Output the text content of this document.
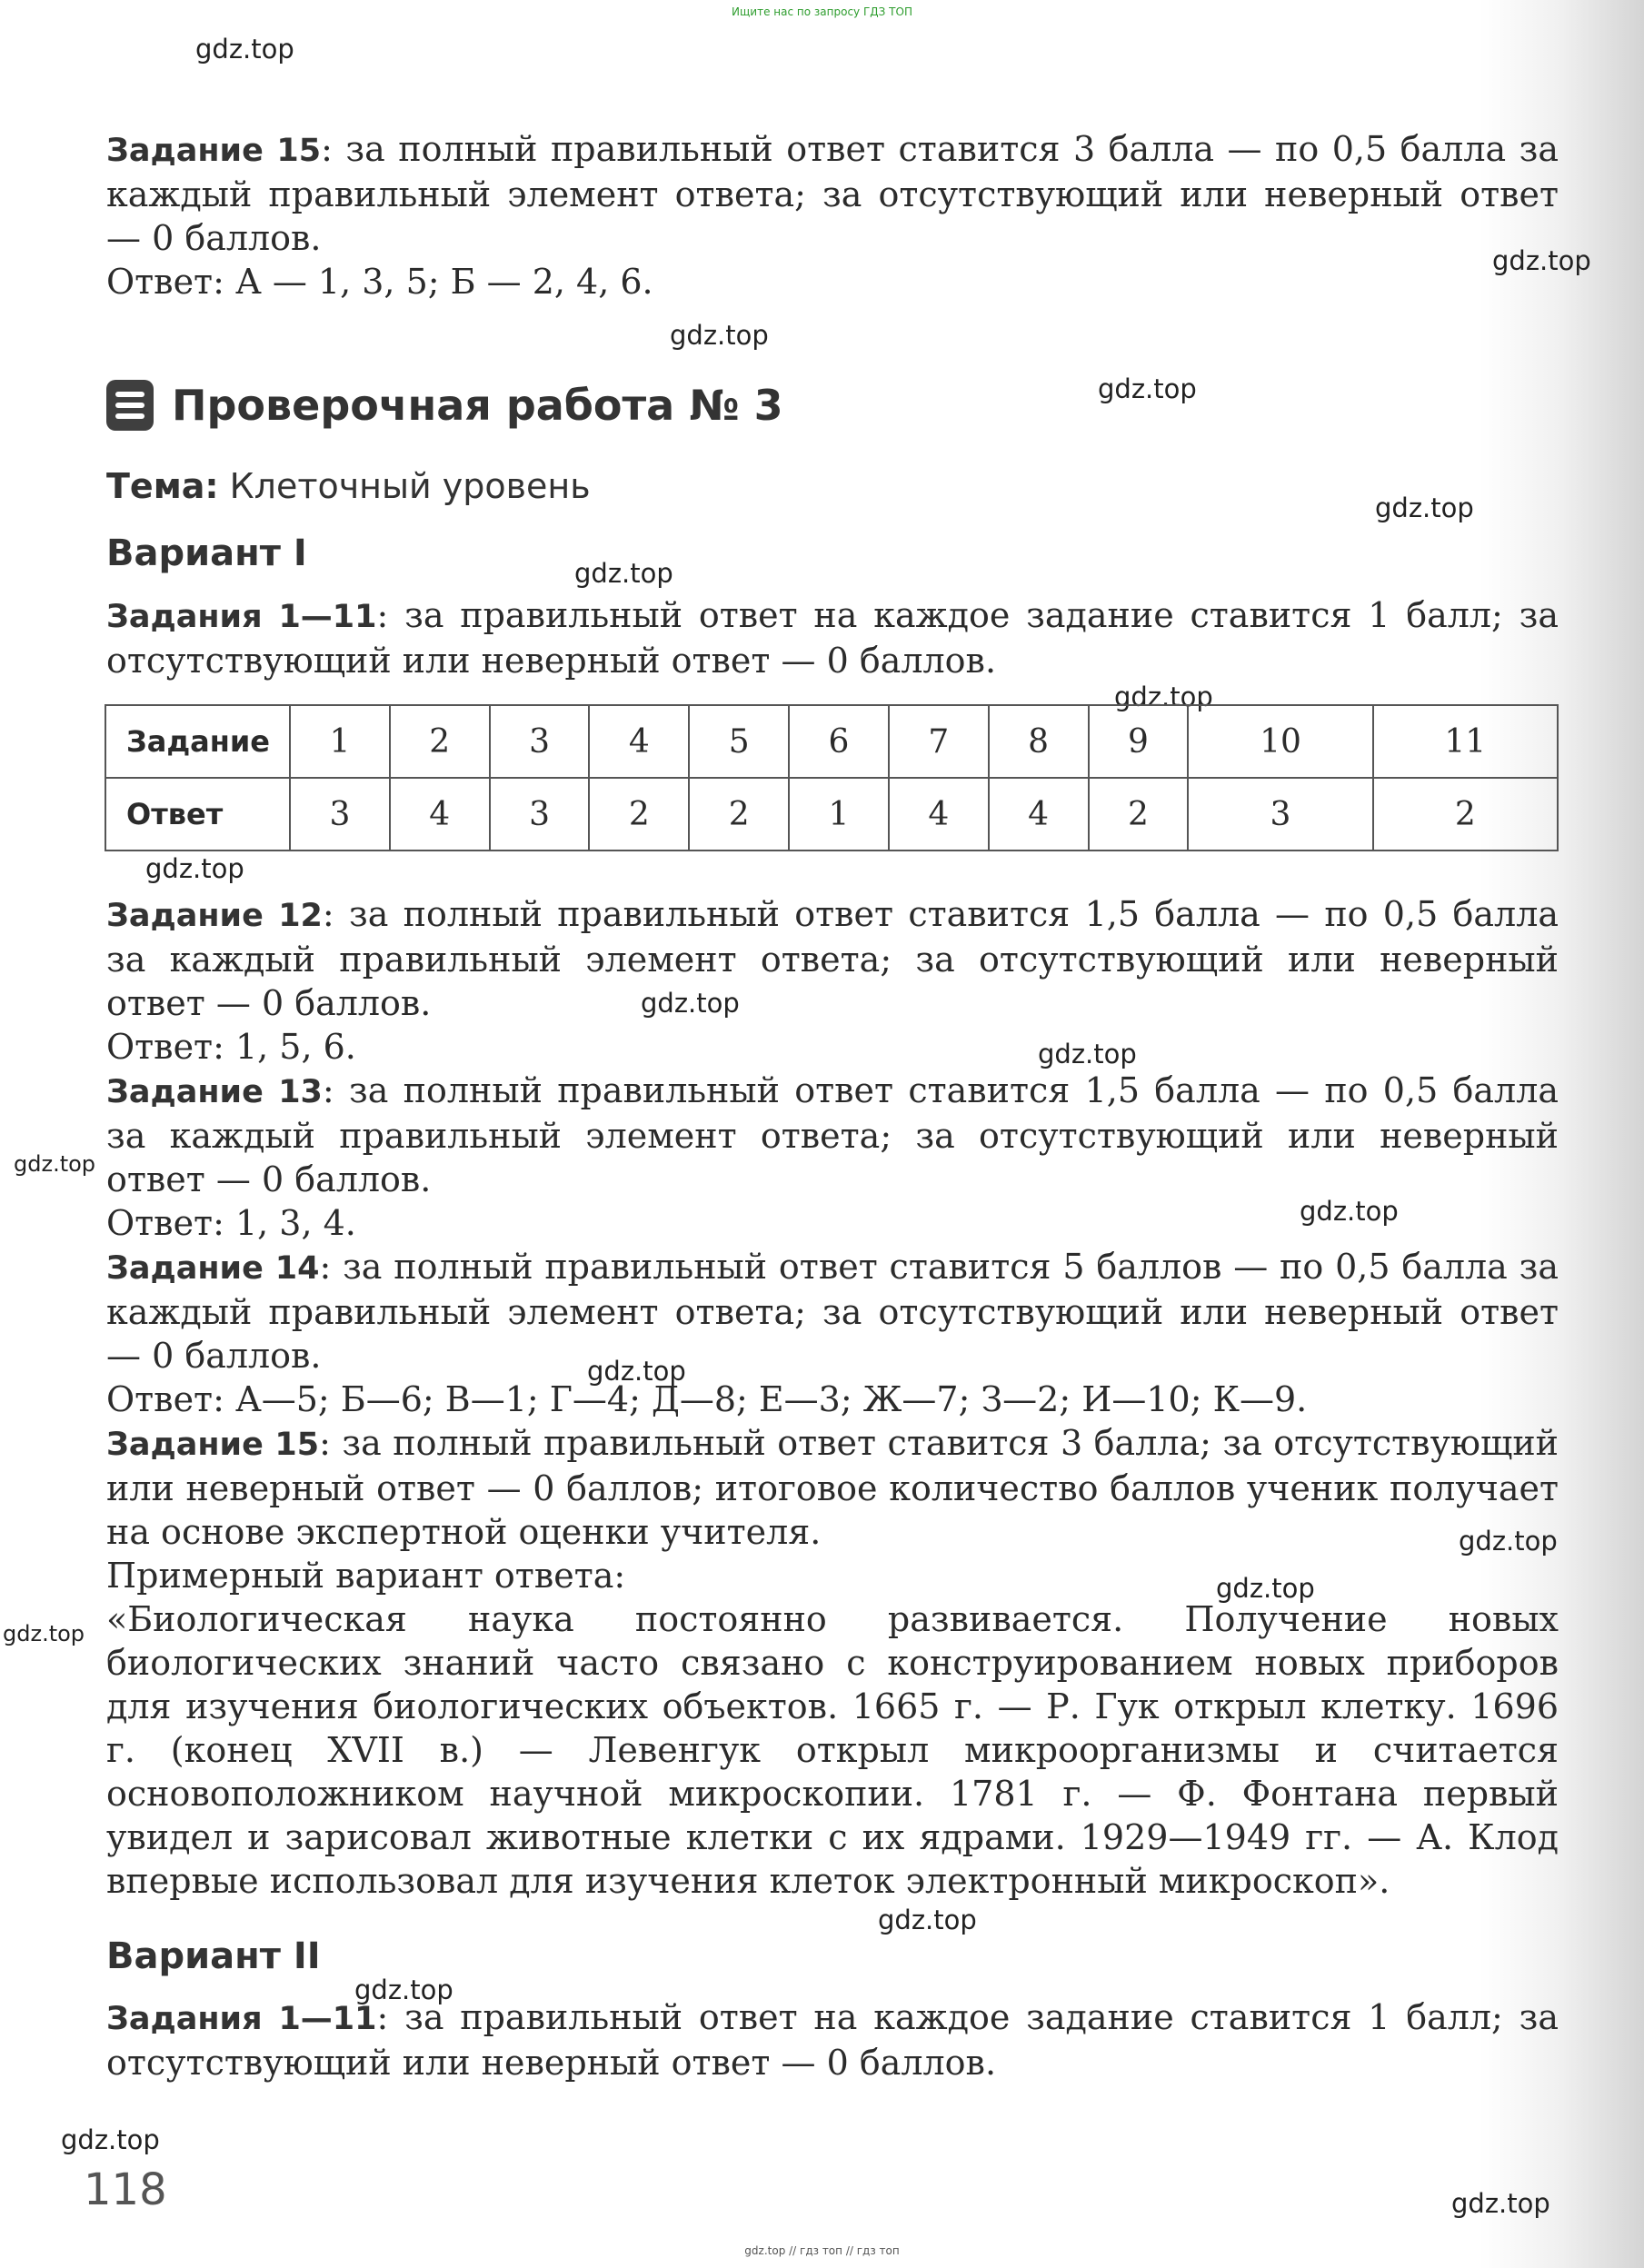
Ищите нас по запросу ГДЗ ТОП
gdz.top
gdz.top
gdz.top
gdz.top
gdz.top
gdz.top
gdz.top
gdz.top
gdz.top
gdz.top
gdz.top
gdz.top
gdz.top
gdz.top
gdz.top
gdz.top
gdz.top
gdz.top
gdz.top
gdz.top

Задание 15: за полный правильный ответ ставится 3 балла — по 0,5 балла за каждый правильный элемент ответа; за отсутствующий или неверный ответ — 0 баллов.

Ответ: А — 1, 3, 5; Б — 2, 4, 6.

Проверочная работа № 3
Тема: Клеточный уровень
Вариант I

Задания 1—11: за правильный ответ на каждое задание ставится 1 балл; за отсутствующий или неверный ответ — 0 баллов.

Задание	1	2	3	4	5	6	7	8	9	10	11
Ответ	3	4	3	2	2	1	4	4	2	3	2

Задание 12: за полный правильный ответ ставится 1,5 балла — по 0,5 балла за каждый правильный элемент ответа; за отсутствующий или неверный ответ — 0 баллов.

Ответ: 1, 5, 6.

Задание 13: за полный правильный ответ ставится 1,5 балла — по 0,5 балла за каждый правильный элемент ответа; за отсутствующий или неверный ответ — 0 баллов.

Ответ: 1, 3, 4.

Задание 14: за полный правильный ответ ставится 5 баллов — по 0,5 балла за каждый правильный элемент ответа; за отсутствующий или неверный ответ — 0 баллов.

Ответ: А—5; Б—6; В—1; Г—4; Д—8; Е—3; Ж—7; З—2; И—10; К—9.

Задание 15: за полный правильный ответ ставится 3 балла; за отсутствующий или неверный ответ — 0 баллов; итоговое количество баллов ученик получает на основе экспертной оценки учителя.

Примерный вариант ответа:

«Биологическая наука постоянно развивается. Получение новых биологических знаний часто связано с конструированием новых приборов для изучения биологических объектов. 1665 г. — Р. Гук открыл клетку. 1696 г. (конец XVII в.) — Левенгук открыл микроорганизмы и считается основоположником научной микроскопии. 1781 г. — Ф. Фонтана первый увидел и зарисовал животные клетки с их ядрами. 1929—1949 гг. — А. Клод впервые использовал для изучения клеток электронный микроскоп».

Вариант II

Задания 1—11: за правильный ответ на каждое задание ставится 1 балл; за отсутствующий или неверный ответ — 0 баллов.

118
gdz.top // гдз топ // гдз топ
